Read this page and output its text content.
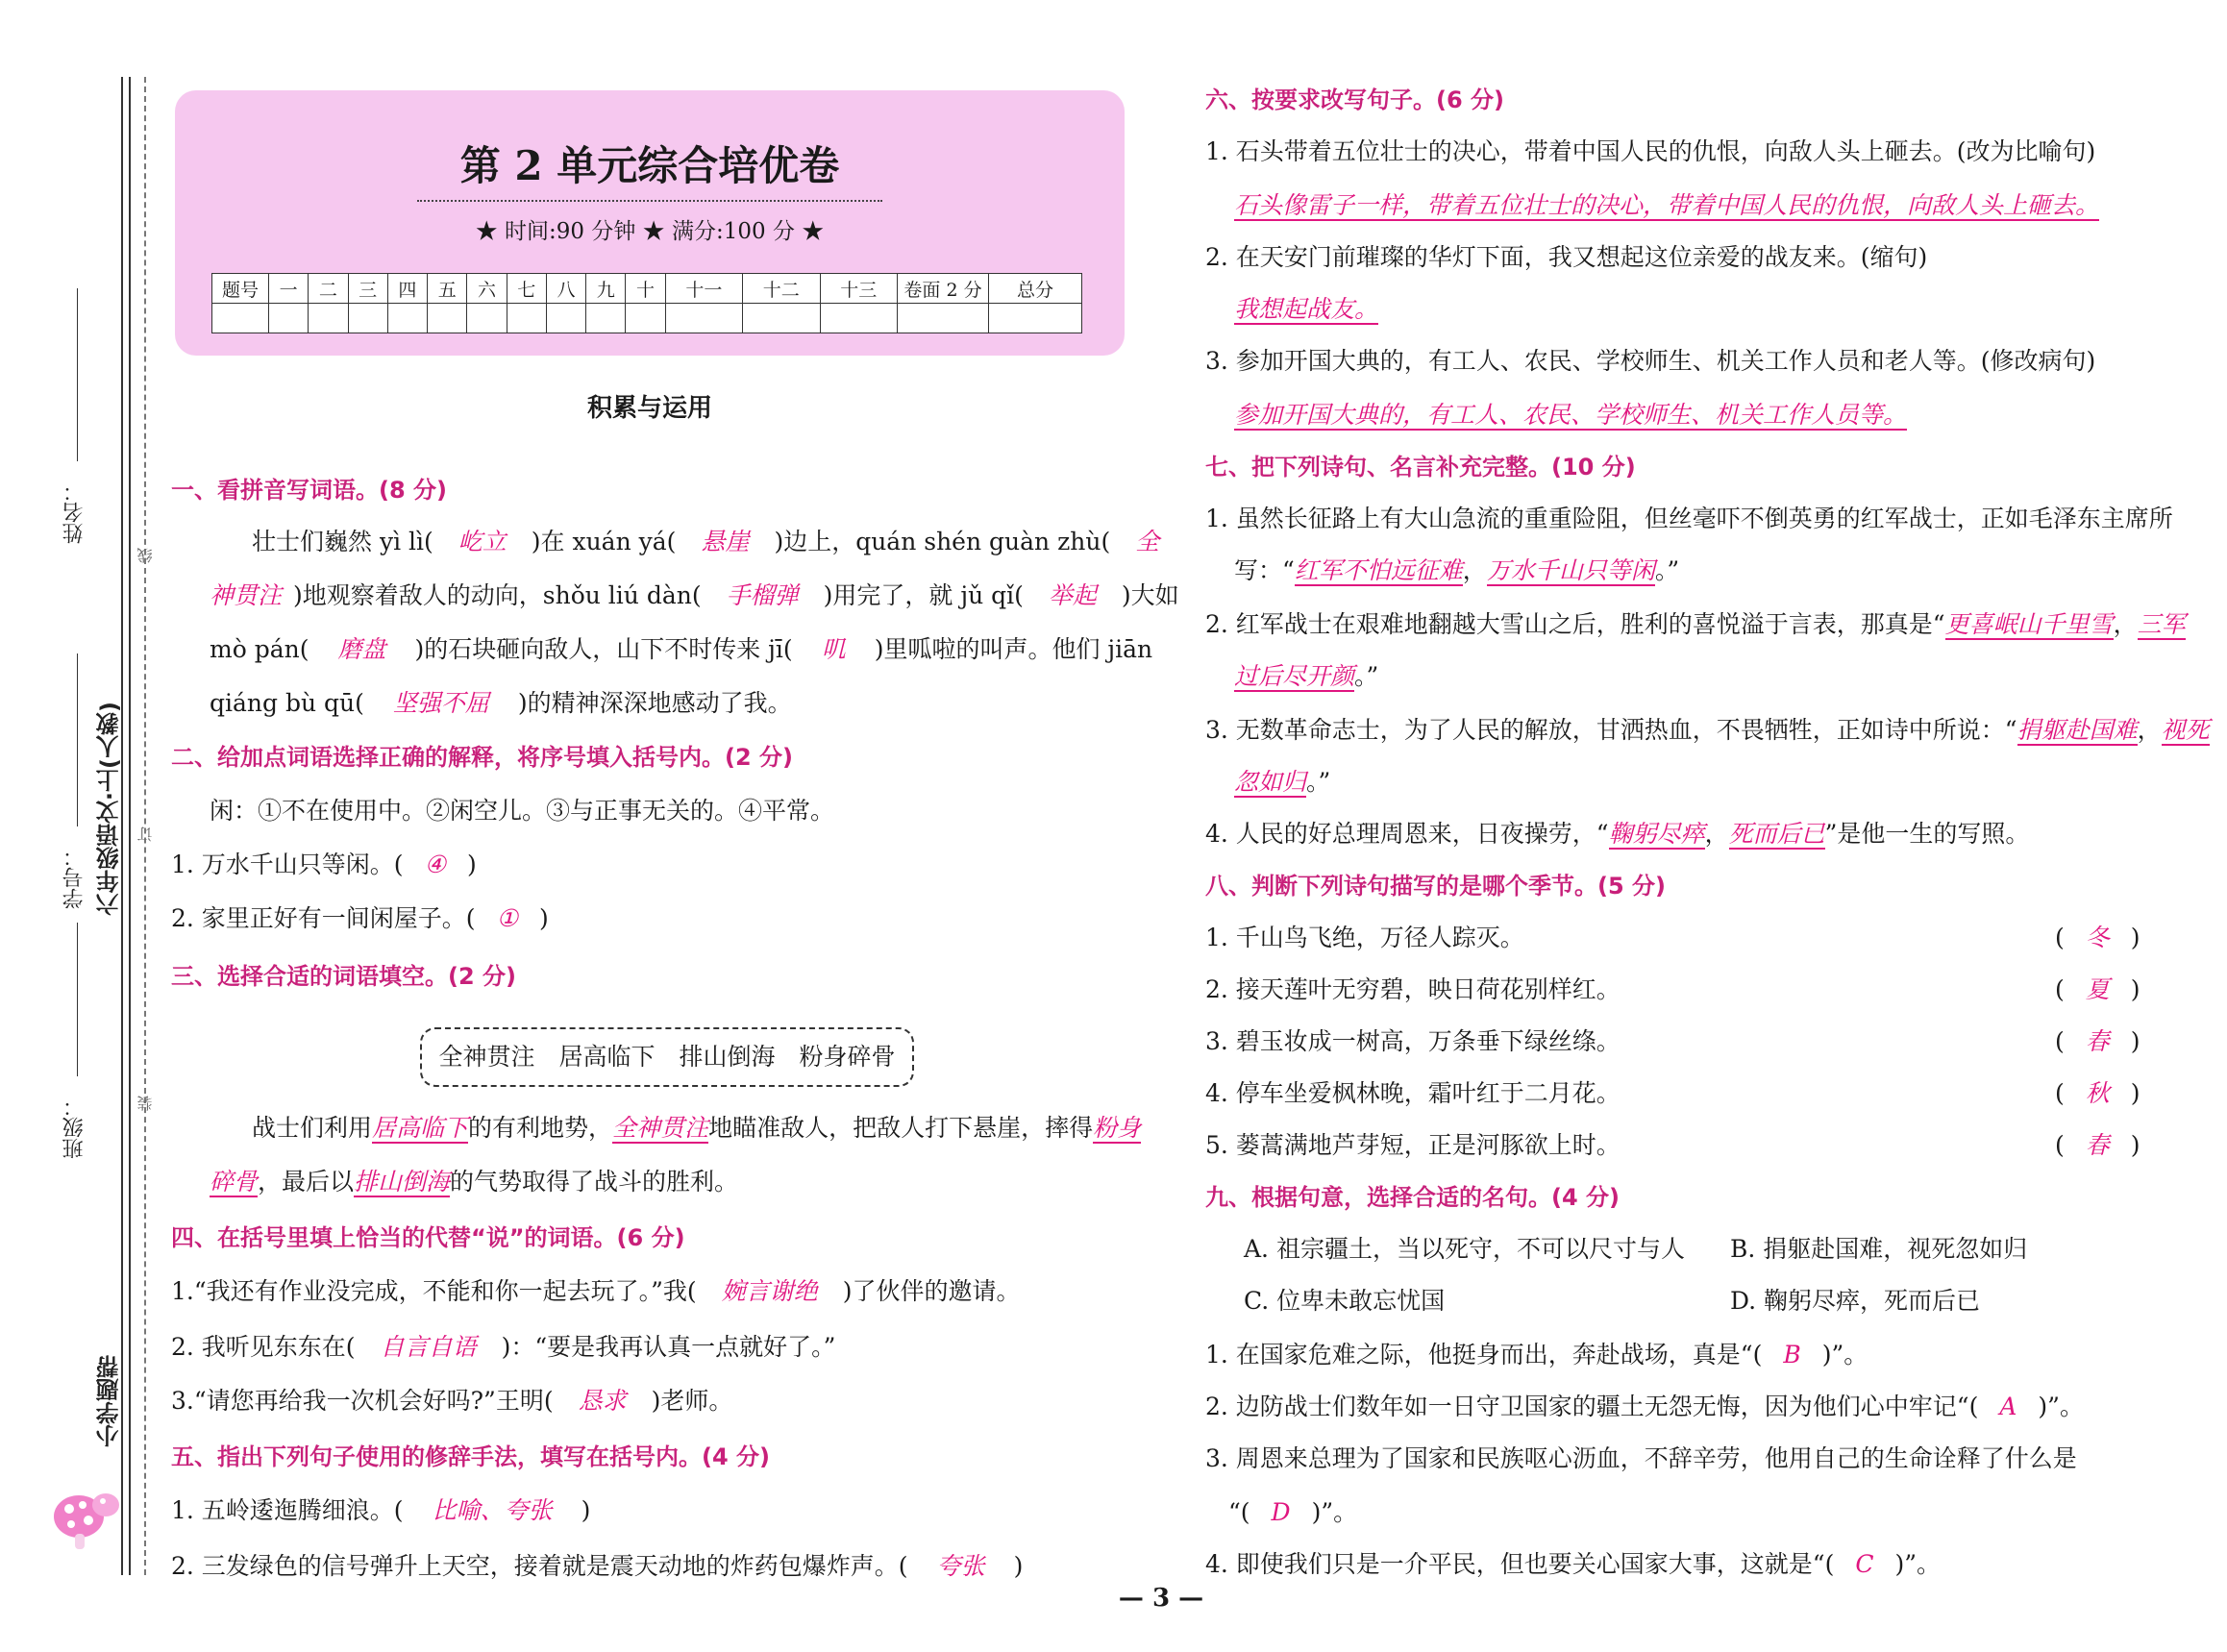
姓名：
学号：
班级：
六年级语文·上(人教)
小学题帮
线
订
装
第 2 单元综合培优卷
★ 时间:90 分钟 ★ 满分:100 分 ★
题号	一	二	三	四	五	六	七	八	九	十	十一	十二	十三	卷面 2 分	总分

积累与运用
一、看拼音写词语。(8 分)
壮士们巍然 yì lì( 屹立 )在 xuán yá( 悬崖 )边上，quán shén guàn zhù( 全
神贯注 )地观察着敌人的动向，shǒu liú dàn( 手榴弹 )用完了，就 jǔ qǐ( 举起 )大如
mò pán( 磨盘 )的石块砸向敌人，山下不时传来 jī( 叽 )里呱啦的叫声。他们 jiān
qiáng bù qū( 坚强不屈 )的精神深深地感动了我。
二、给加点词语选择正确的解释，将序号填入括号内。(2 分)
闲：①不在使用中。②闲空儿。③与正事无关的。④平常。
1. 万水千山只等闲。( ④ )
2. 家里正好有一间闲屋子。( ① )
三、选择合适的词语填空。(2 分)
全神贯注　居高临下　排山倒海　粉身碎骨
战士们利用居高临下的有利地势，全神贯注地瞄准敌人，把敌人打下悬崖，摔得粉身
碎骨，最后以排山倒海的气势取得了战斗的胜利。
四、在括号里填上恰当的代替“说”的词语。(6 分)
1.“我还有作业没完成，不能和你一起去玩了。”我( 婉言谢绝 )了伙伴的邀请。
2. 我听见东东在( 自言自语 )：“要是我再认真一点就好了。”
3.“请您再给我一次机会好吗?”王明( 恳求 )老师。
五、指出下列句子使用的修辞手法，填写在括号内。(4 分)
1. 五岭逶迤腾细浪。( 比喻、夸张 )
2. 三发绿色的信号弹升上天空，接着就是震天动地的炸药包爆炸声。( 夸张 )
六、按要求改写句子。(6 分)
1. 石头带着五位壮士的决心，带着中国人民的仇恨，向敌人头上砸去。(改为比喻句)
石头像雷子一样，带着五位壮士的决心，带着中国人民的仇恨，向敌人头上砸去。
2. 在天安门前璀璨的华灯下面，我又想起这位亲爱的战友来。(缩句)
我想起战友。
3. 参加开国大典的，有工人、农民、学校师生、机关工作人员和老人等。(修改病句)
参加开国大典的，有工人、农民、学校师生、机关工作人员等。
七、把下列诗句、名言补充完整。(10 分)
1. 虽然长征路上有大山急流的重重险阻，但丝毫吓不倒英勇的红军战士，正如毛泽东主席所
写：“红军不怕远征难，万水千山只等闲。”
2. 红军战士在艰难地翻越大雪山之后，胜利的喜悦溢于言表，那真是“更喜岷山千里雪，三军
过后尽开颜。”
3. 无数革命志士，为了人民的解放，甘洒热血，不畏牺牲，正如诗中所说：“捐躯赴国难，视死
忽如归。”
4. 人民的好总理周恩来，日夜操劳，“鞠躬尽瘁，死而后已”是他一生的写照。
八、判断下列诗句描写的是哪个季节。(5 分)
1. 千山鸟飞绝，万径人踪灭。	( 冬 )
2. 接天莲叶无穷碧，映日荷花别样红。	( 夏 )
3. 碧玉妆成一树高，万条垂下绿丝绦。	( 春 )
4. 停车坐爱枫林晚，霜叶红于二月花。	( 秋 )
5. 蒌蒿满地芦芽短，正是河豚欲上时。	( 春 )
九、根据句意，选择合适的名句。(4 分)
A. 祖宗疆土，当以死守，不可以尺寸与人 B. 捐躯赴国难，视死忽如归
C. 位卑未敢忘忧国	D. 鞠躬尽瘁，死而后已
1. 在国家危难之际，他挺身而出，奔赴战场，真是“( B )”。
2. 边防战士们数年如一日守卫国家的疆土无怨无悔，因为他们心中牢记“( A )”。
3. 周恩来总理为了国家和民族呕心沥血，不辞辛劳，他用自己的生命诠释了什么是
“( D )”。
4. 即使我们只是一介平民，但也要关心国家大事，这就是“( C )”。
— 3 —
